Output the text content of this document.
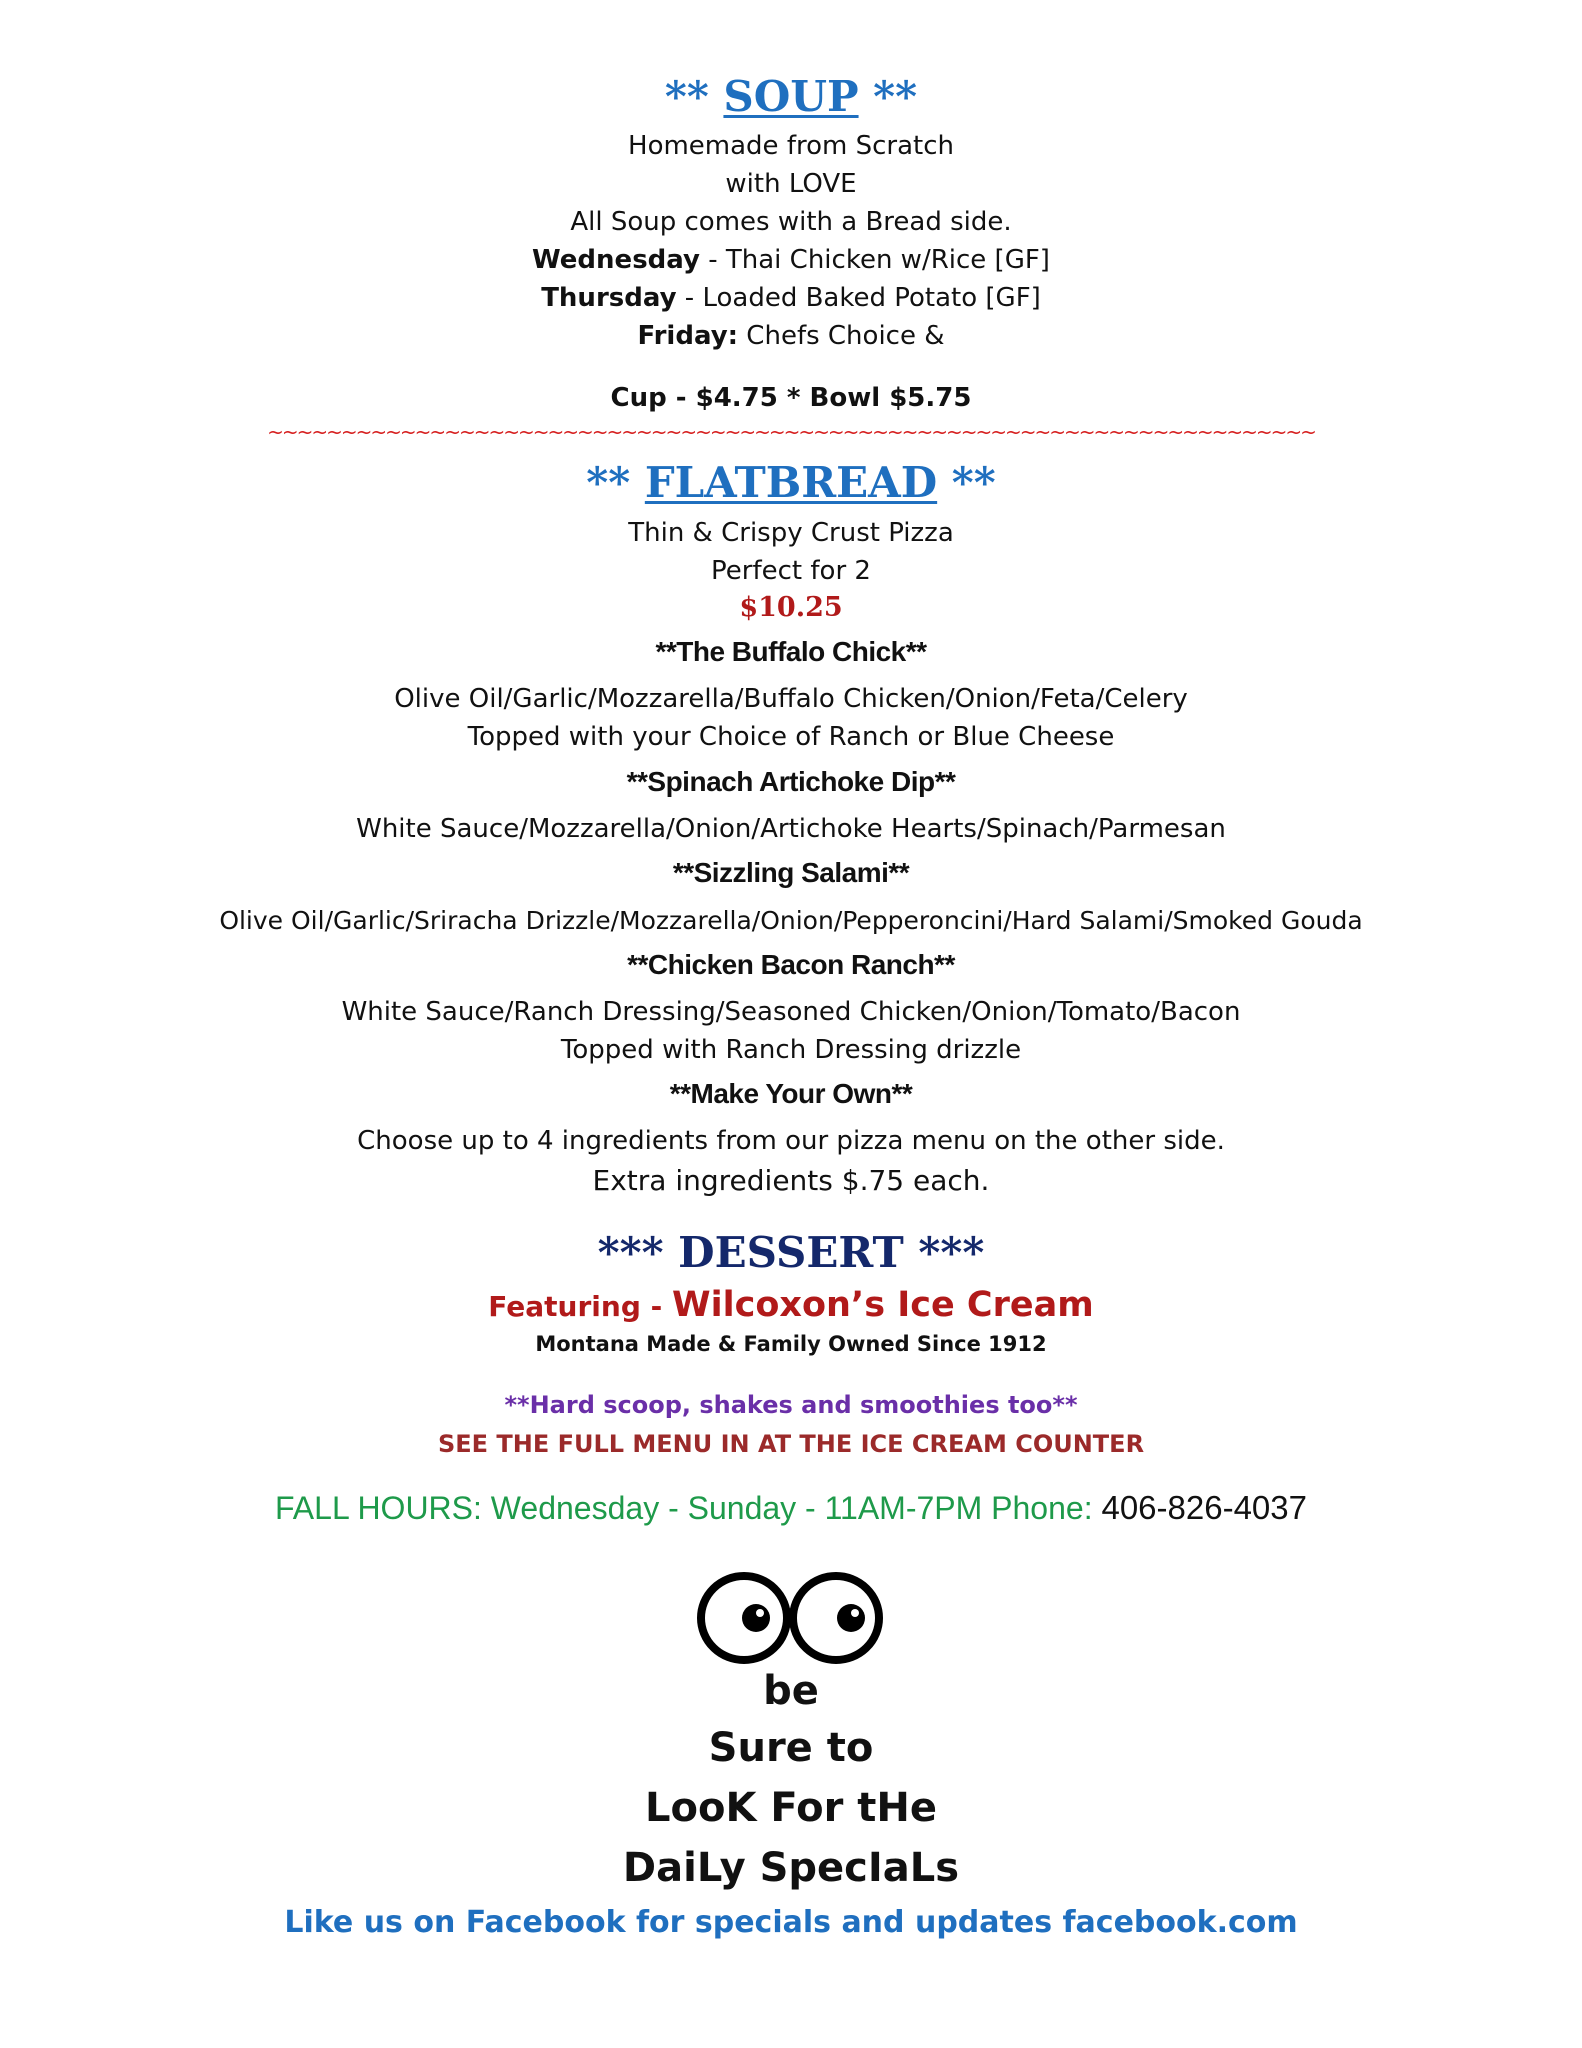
** SOUP **
Homemade from Scratch
with LOVE
All Soup comes with a Bread side.
Wednesday - Thai Chicken w/Rice [GF]
Thursday - Loaded Baked Potato [GF]
Friday: Chefs Choice &
Cup - $4.75 * Bowl $5.75
~~~~~~~~~~~~~~~~~~~~~~~~~~~~~~~~~~~~~~~~~~~~~~~~~~~~~~~~~~~~~~~~~~~~~~~
** FLATBREAD **
Thin & Crispy Crust Pizza
Perfect for 2
$10.25
**The Buffalo Chick**
Olive Oil/Garlic/Mozzarella/Buffalo Chicken/Onion/Feta/Celery
Topped with your Choice of Ranch or Blue Cheese
**Spinach Artichoke Dip**
White Sauce/Mozzarella/Onion/Artichoke Hearts/Spinach/Parmesan
**Sizzling Salami**
Olive Oil/Garlic/Sriracha Drizzle/Mozzarella/Onion/Pepperoncini/Hard Salami/Smoked Gouda
**Chicken Bacon Ranch**
White Sauce/Ranch Dressing/Seasoned Chicken/Onion/Tomato/Bacon
Topped with Ranch Dressing drizzle
**Make Your Own**
Choose up to 4 ingredients from our pizza menu on the other side.
Extra ingredients $.75 each.
*** DESSERT ***
Featuring - Wilcoxon’s Ice Cream
Montana Made & Family Owned Since 1912
**Hard scoop, shakes and smoothies too**
SEE THE FULL MENU IN AT THE ICE CREAM COUNTER
FALL HOURS: Wednesday - Sunday - 11AM-7PM Phone: 406-826-4037
be
Sure to
LooK For tHe
DaiLy SpecIaLs
Like us on Facebook for specials and updates facebook.com
